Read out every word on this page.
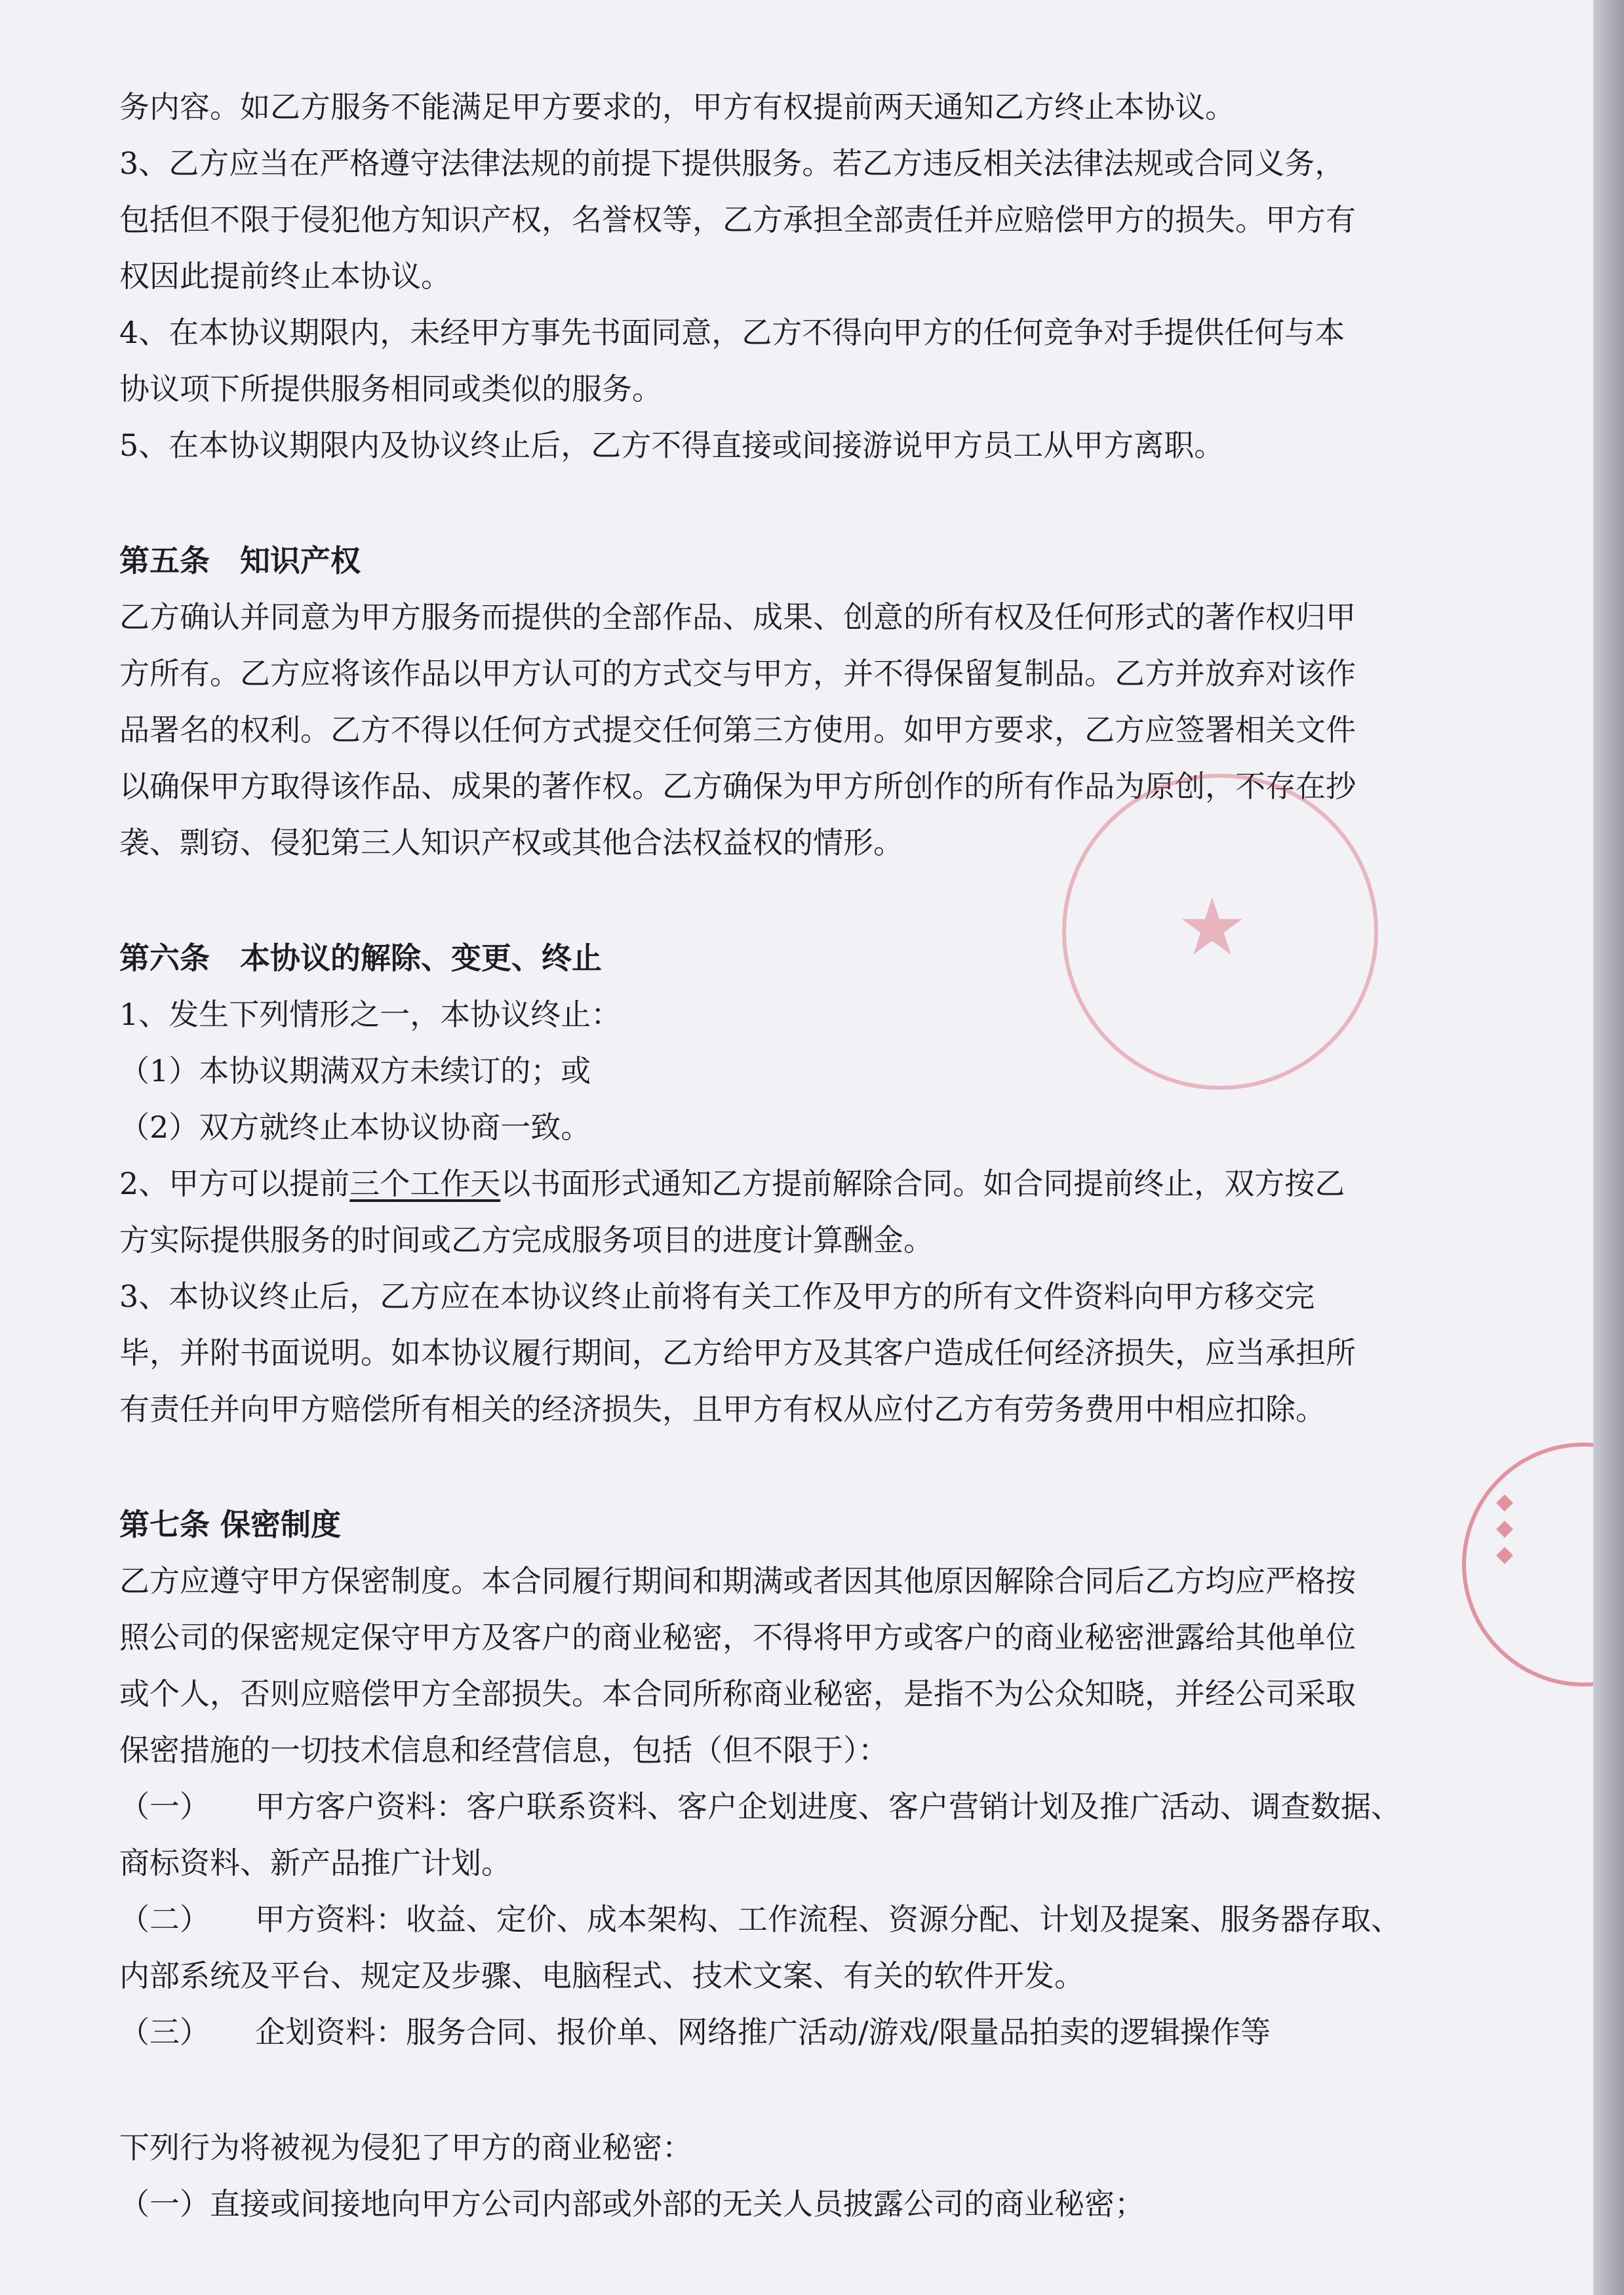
务内容。如乙方服务不能满足甲方要求的，甲方有权提前两天通知乙方终止本协议。

3、乙方应当在严格遵守法律法规的前提下提供服务。若乙方违反相关法律法规或合同义务，

包括但不限于侵犯他方知识产权，名誉权等，乙方承担全部责任并应赔偿甲方的损失。甲方有

权因此提前终止本协议。

4、在本协议期限内，未经甲方事先书面同意，乙方不得向甲方的任何竞争对手提供任何与本

协议项下所提供服务相同或类似的服务。

5、在本协议期限内及协议终止后，乙方不得直接或间接游说甲方员工从甲方离职。

第五条　知识产权

乙方确认并同意为甲方服务而提供的全部作品、成果、创意的所有权及任何形式的著作权归甲

方所有。乙方应将该作品以甲方认可的方式交与甲方，并不得保留复制品。乙方并放弃对该作

品署名的权利。乙方不得以任何方式提交任何第三方使用。如甲方要求，乙方应签署相关文件

以确保甲方取得该作品、成果的著作权。乙方确保为甲方所创作的所有作品为原创，不存在抄

袭、剽窃、侵犯第三人知识产权或其他合法权益权的情形。

第六条　本协议的解除、变更、终止

1、发生下列情形之一，本协议终止：

（1）本协议期满双方未续订的；或

（2）双方就终止本协议协商一致。

2、甲方可以提前三个工作天以书面形式通知乙方提前解除合同。如合同提前终止，双方按乙

方实际提供服务的时间或乙方完成服务项目的进度计算酬金。

3、本协议终止后，乙方应在本协议终止前将有关工作及甲方的所有文件资料向甲方移交完

毕，并附书面说明。如本协议履行期间，乙方给甲方及其客户造成任何经济损失，应当承担所

有责任并向甲方赔偿所有相关的经济损失，且甲方有权从应付乙方有劳务费用中相应扣除。

第七条 保密制度

乙方应遵守甲方保密制度。本合同履行期间和期满或者因其他原因解除合同后乙方均应严格按

照公司的保密规定保守甲方及客户的商业秘密，不得将甲方或客户的商业秘密泄露给其他单位

或个人，否则应赔偿甲方全部损失。本合同所称商业秘密，是指不为公众知晓，并经公司采取

保密措施的一切技术信息和经营信息，包括（但不限于）：

（一）　　 甲方客户资料：客户联系资料、客户企划进度、客户营销计划及推广活动、调查数据、

商标资料、新产品推广计划。

（二）　　 甲方资料：收益、定价、成本架构、工作流程、资源分配、计划及提案、服务器存取、

内部系统及平台、规定及步骤、电脑程式、技术文案、有关的软件开发。

（三）　　 企划资料：服务合同、报价单、网络推广活动/游戏/限量品拍卖的逻辑操作等

下列行为将被视为侵犯了甲方的商业秘密：

（一）直接或间接地向甲方公司内部或外部的无关人员披露公司的商业秘密；

★
◆◆◆
